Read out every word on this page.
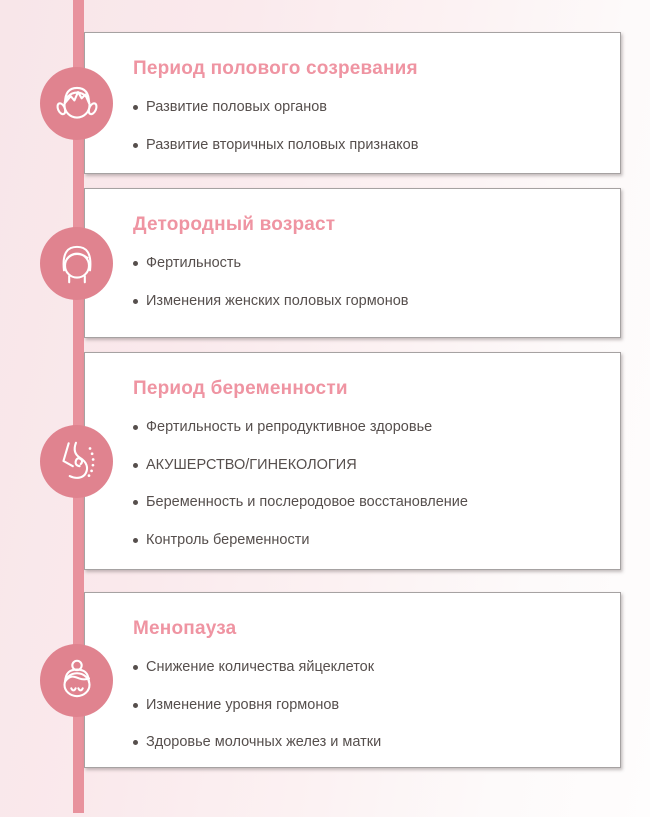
Период полового созревания
Развитие половых органов
Развитие вторичных половых признаков
Детородный возраст
Фертильность
Изменения женских половых гормонов
Период беременности
Фертильность и репродуктивное здоровье
АКУШЕРСТВО/ГИНЕКОЛОГИЯ
Беременность и послеродовое восстановление
Контроль беременности
Менопауза
Снижение количества яйцеклеток
Изменение уровня гормонов
Здоровье молочных желез и матки
